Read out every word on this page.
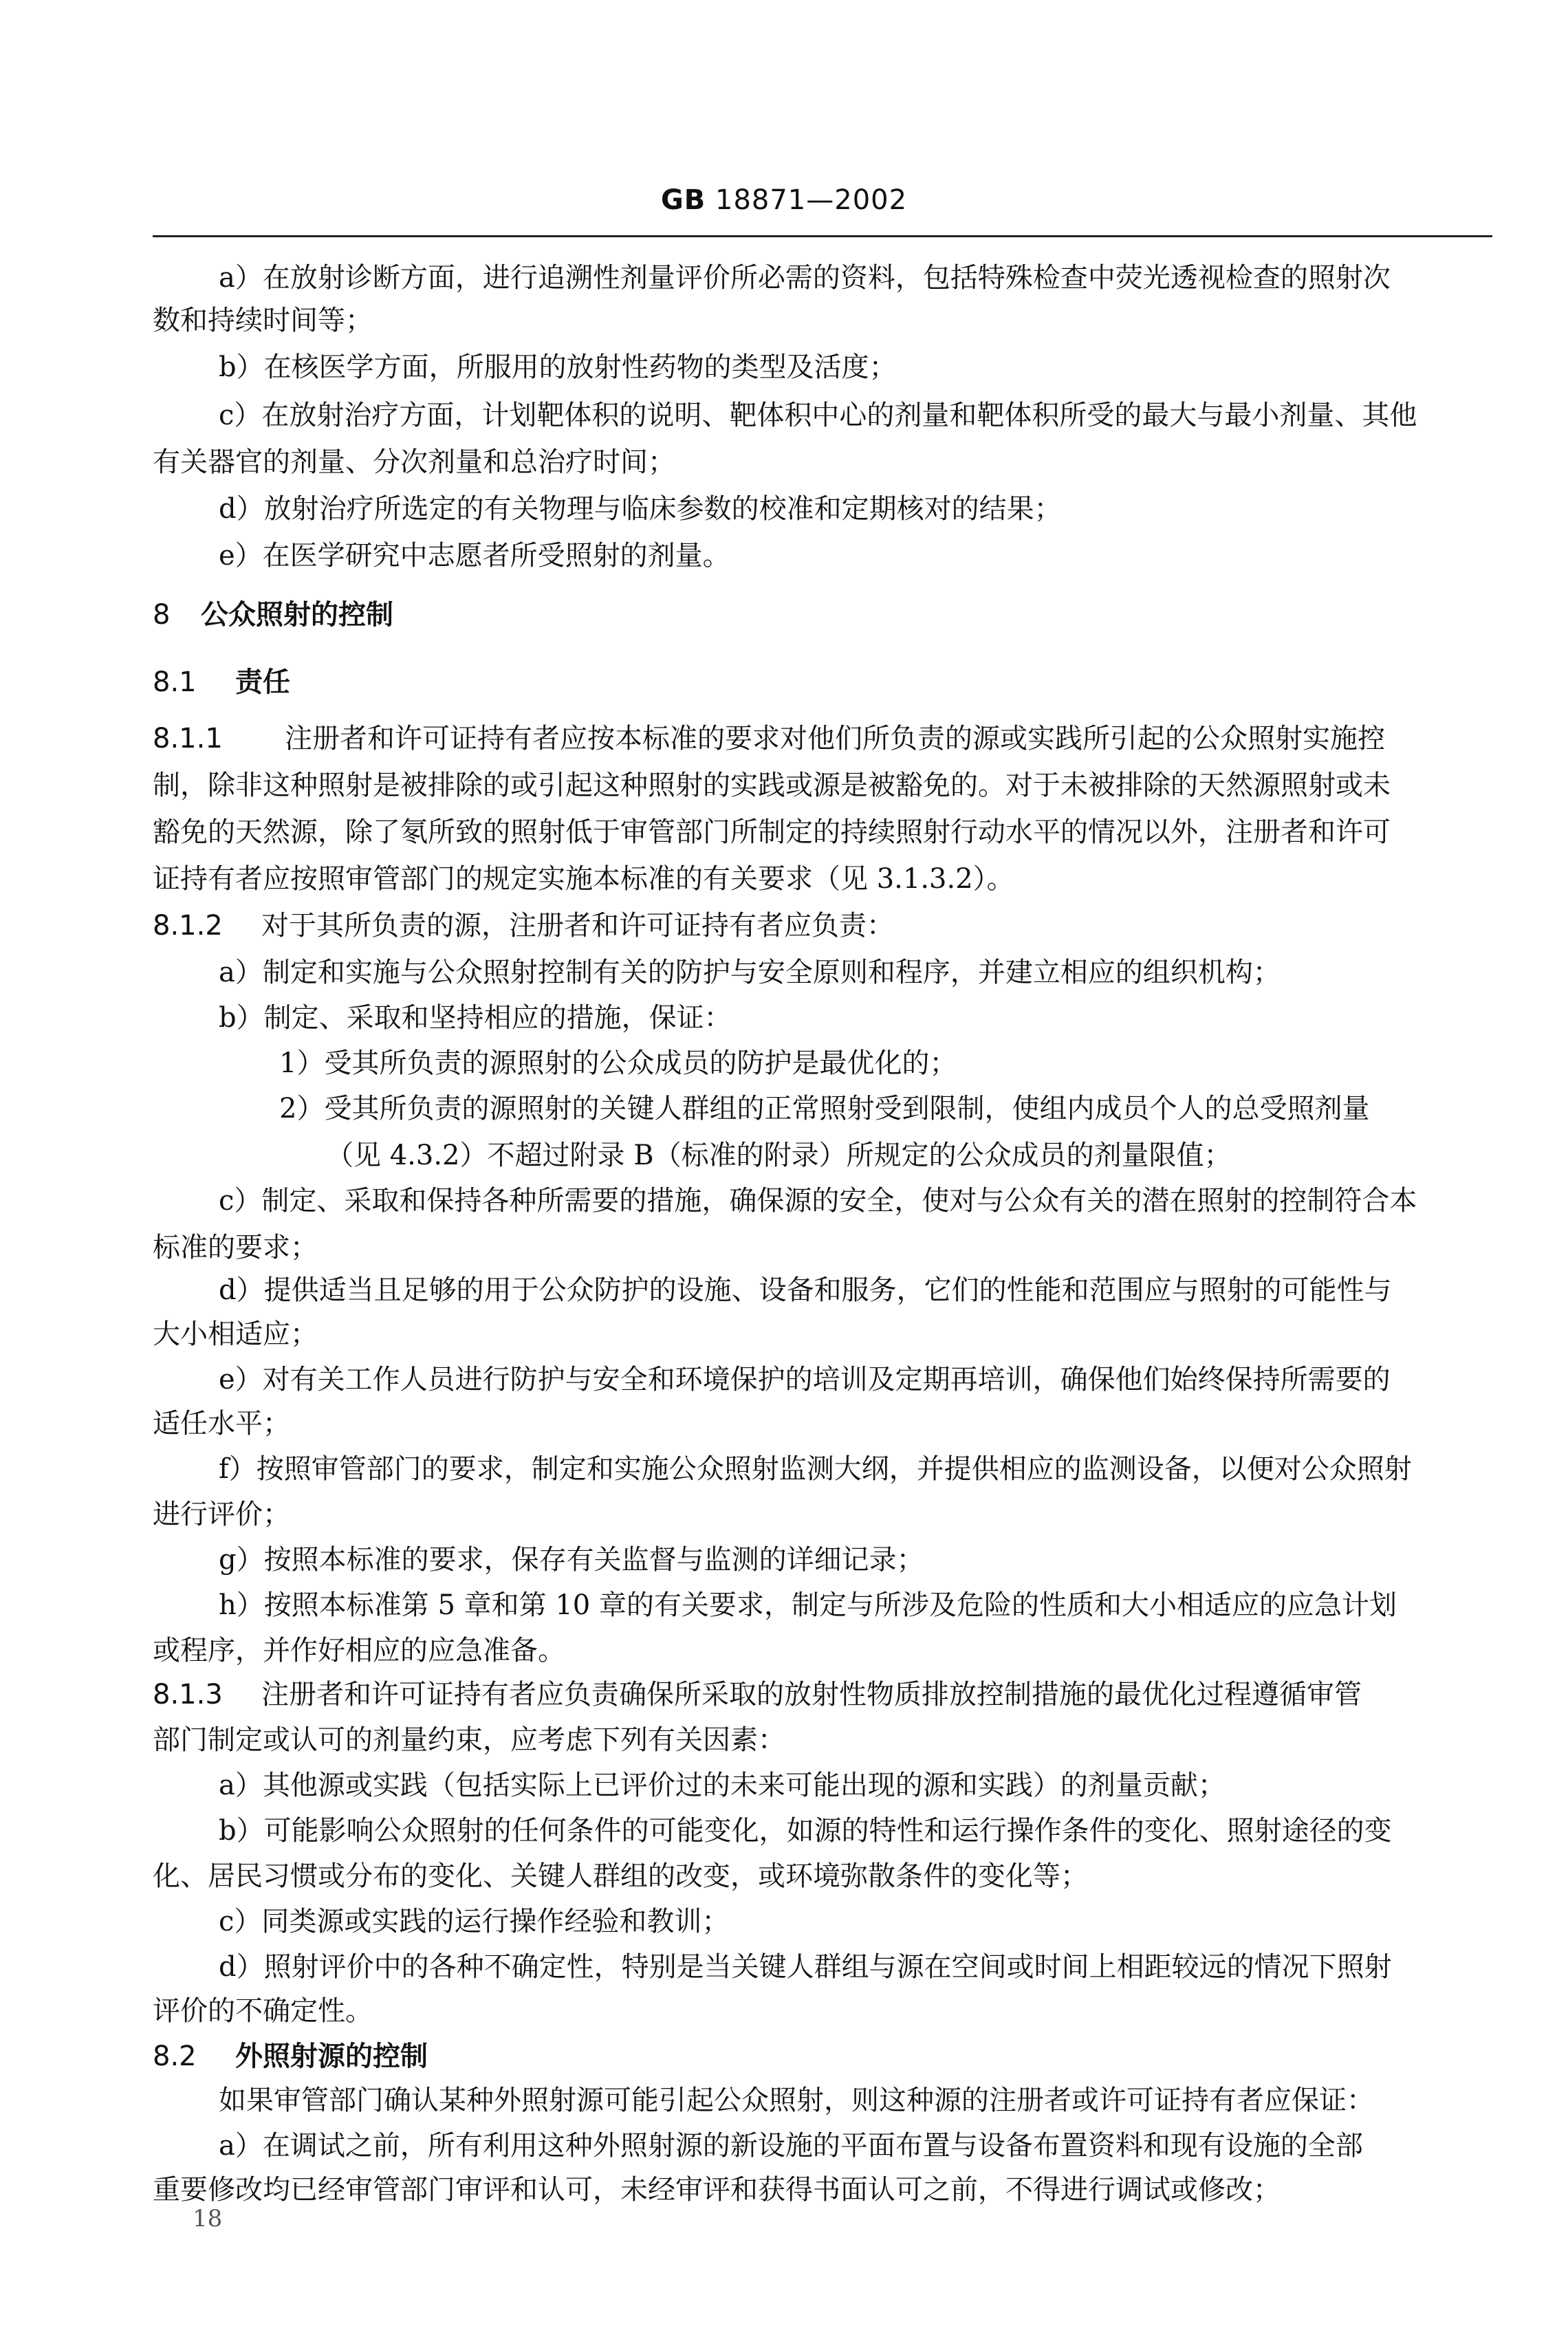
GB 18871—2002
a）在放射诊断方面，进行追溯性剂量评价所必需的资料，包括特殊检查中荧光透视检查的照射次
数和持续时间等；
b）在核医学方面，所服用的放射性药物的类型及活度；
c）在放射治疗方面，计划靶体积的说明、靶体积中心的剂量和靶体积所受的最大与最小剂量、其他
有关器官的剂量、分次剂量和总治疗时间；
d）放射治疗所选定的有关物理与临床参数的校准和定期核对的结果；
e）在医学研究中志愿者所受照射的剂量。
8 公众照射的控制
8.1 责任
8.1.1 注册者和许可证持有者应按本标准的要求对他们所负责的源或实践所引起的公众照射实施控
制，除非这种照射是被排除的或引起这种照射的实践或源是被豁免的。对于未被排除的天然源照射或未
豁免的天然源，除了氡所致的照射低于审管部门所制定的持续照射行动水平的情况以外，注册者和许可
证持有者应按照审管部门的规定实施本标准的有关要求（见 3.1.3.2）。
8.1.2 对于其所负责的源，注册者和许可证持有者应负责：
a）制定和实施与公众照射控制有关的防护与安全原则和程序，并建立相应的组织机构；
b）制定、采取和坚持相应的措施，保证：
1）受其所负责的源照射的公众成员的防护是最优化的；
2）受其所负责的源照射的关键人群组的正常照射受到限制，使组内成员个人的总受照剂量
（见 4.3.2）不超过附录 B（标准的附录）所规定的公众成员的剂量限值；
c）制定、采取和保持各种所需要的措施，确保源的安全，使对与公众有关的潜在照射的控制符合本
标准的要求；
d）提供适当且足够的用于公众防护的设施、设备和服务，它们的性能和范围应与照射的可能性与
大小相适应；
e）对有关工作人员进行防护与安全和环境保护的培训及定期再培训，确保他们始终保持所需要的
适任水平；
f）按照审管部门的要求，制定和实施公众照射监测大纲，并提供相应的监测设备，以便对公众照射
进行评价；
g）按照本标准的要求，保存有关监督与监测的详细记录；
h）按照本标准第 5 章和第 10 章的有关要求，制定与所涉及危险的性质和大小相适应的应急计划
或程序，并作好相应的应急准备。
8.1.3 注册者和许可证持有者应负责确保所采取的放射性物质排放控制措施的最优化过程遵循审管
部门制定或认可的剂量约束，应考虑下列有关因素：
a）其他源或实践（包括实际上已评价过的未来可能出现的源和实践）的剂量贡献；
b）可能影响公众照射的任何条件的可能变化，如源的特性和运行操作条件的变化、照射途径的变
化、居民习惯或分布的变化、关键人群组的改变，或环境弥散条件的变化等；
c）同类源或实践的运行操作经验和教训；
d）照射评价中的各种不确定性，特别是当关键人群组与源在空间或时间上相距较远的情况下照射
评价的不确定性。
8.2 外照射源的控制
如果审管部门确认某种外照射源可能引起公众照射，则这种源的注册者或许可证持有者应保证：
a）在调试之前，所有利用这种外照射源的新设施的平面布置与设备布置资料和现有设施的全部
重要修改均已经审管部门审评和认可，未经审评和获得书面认可之前，不得进行调试或修改；
18
